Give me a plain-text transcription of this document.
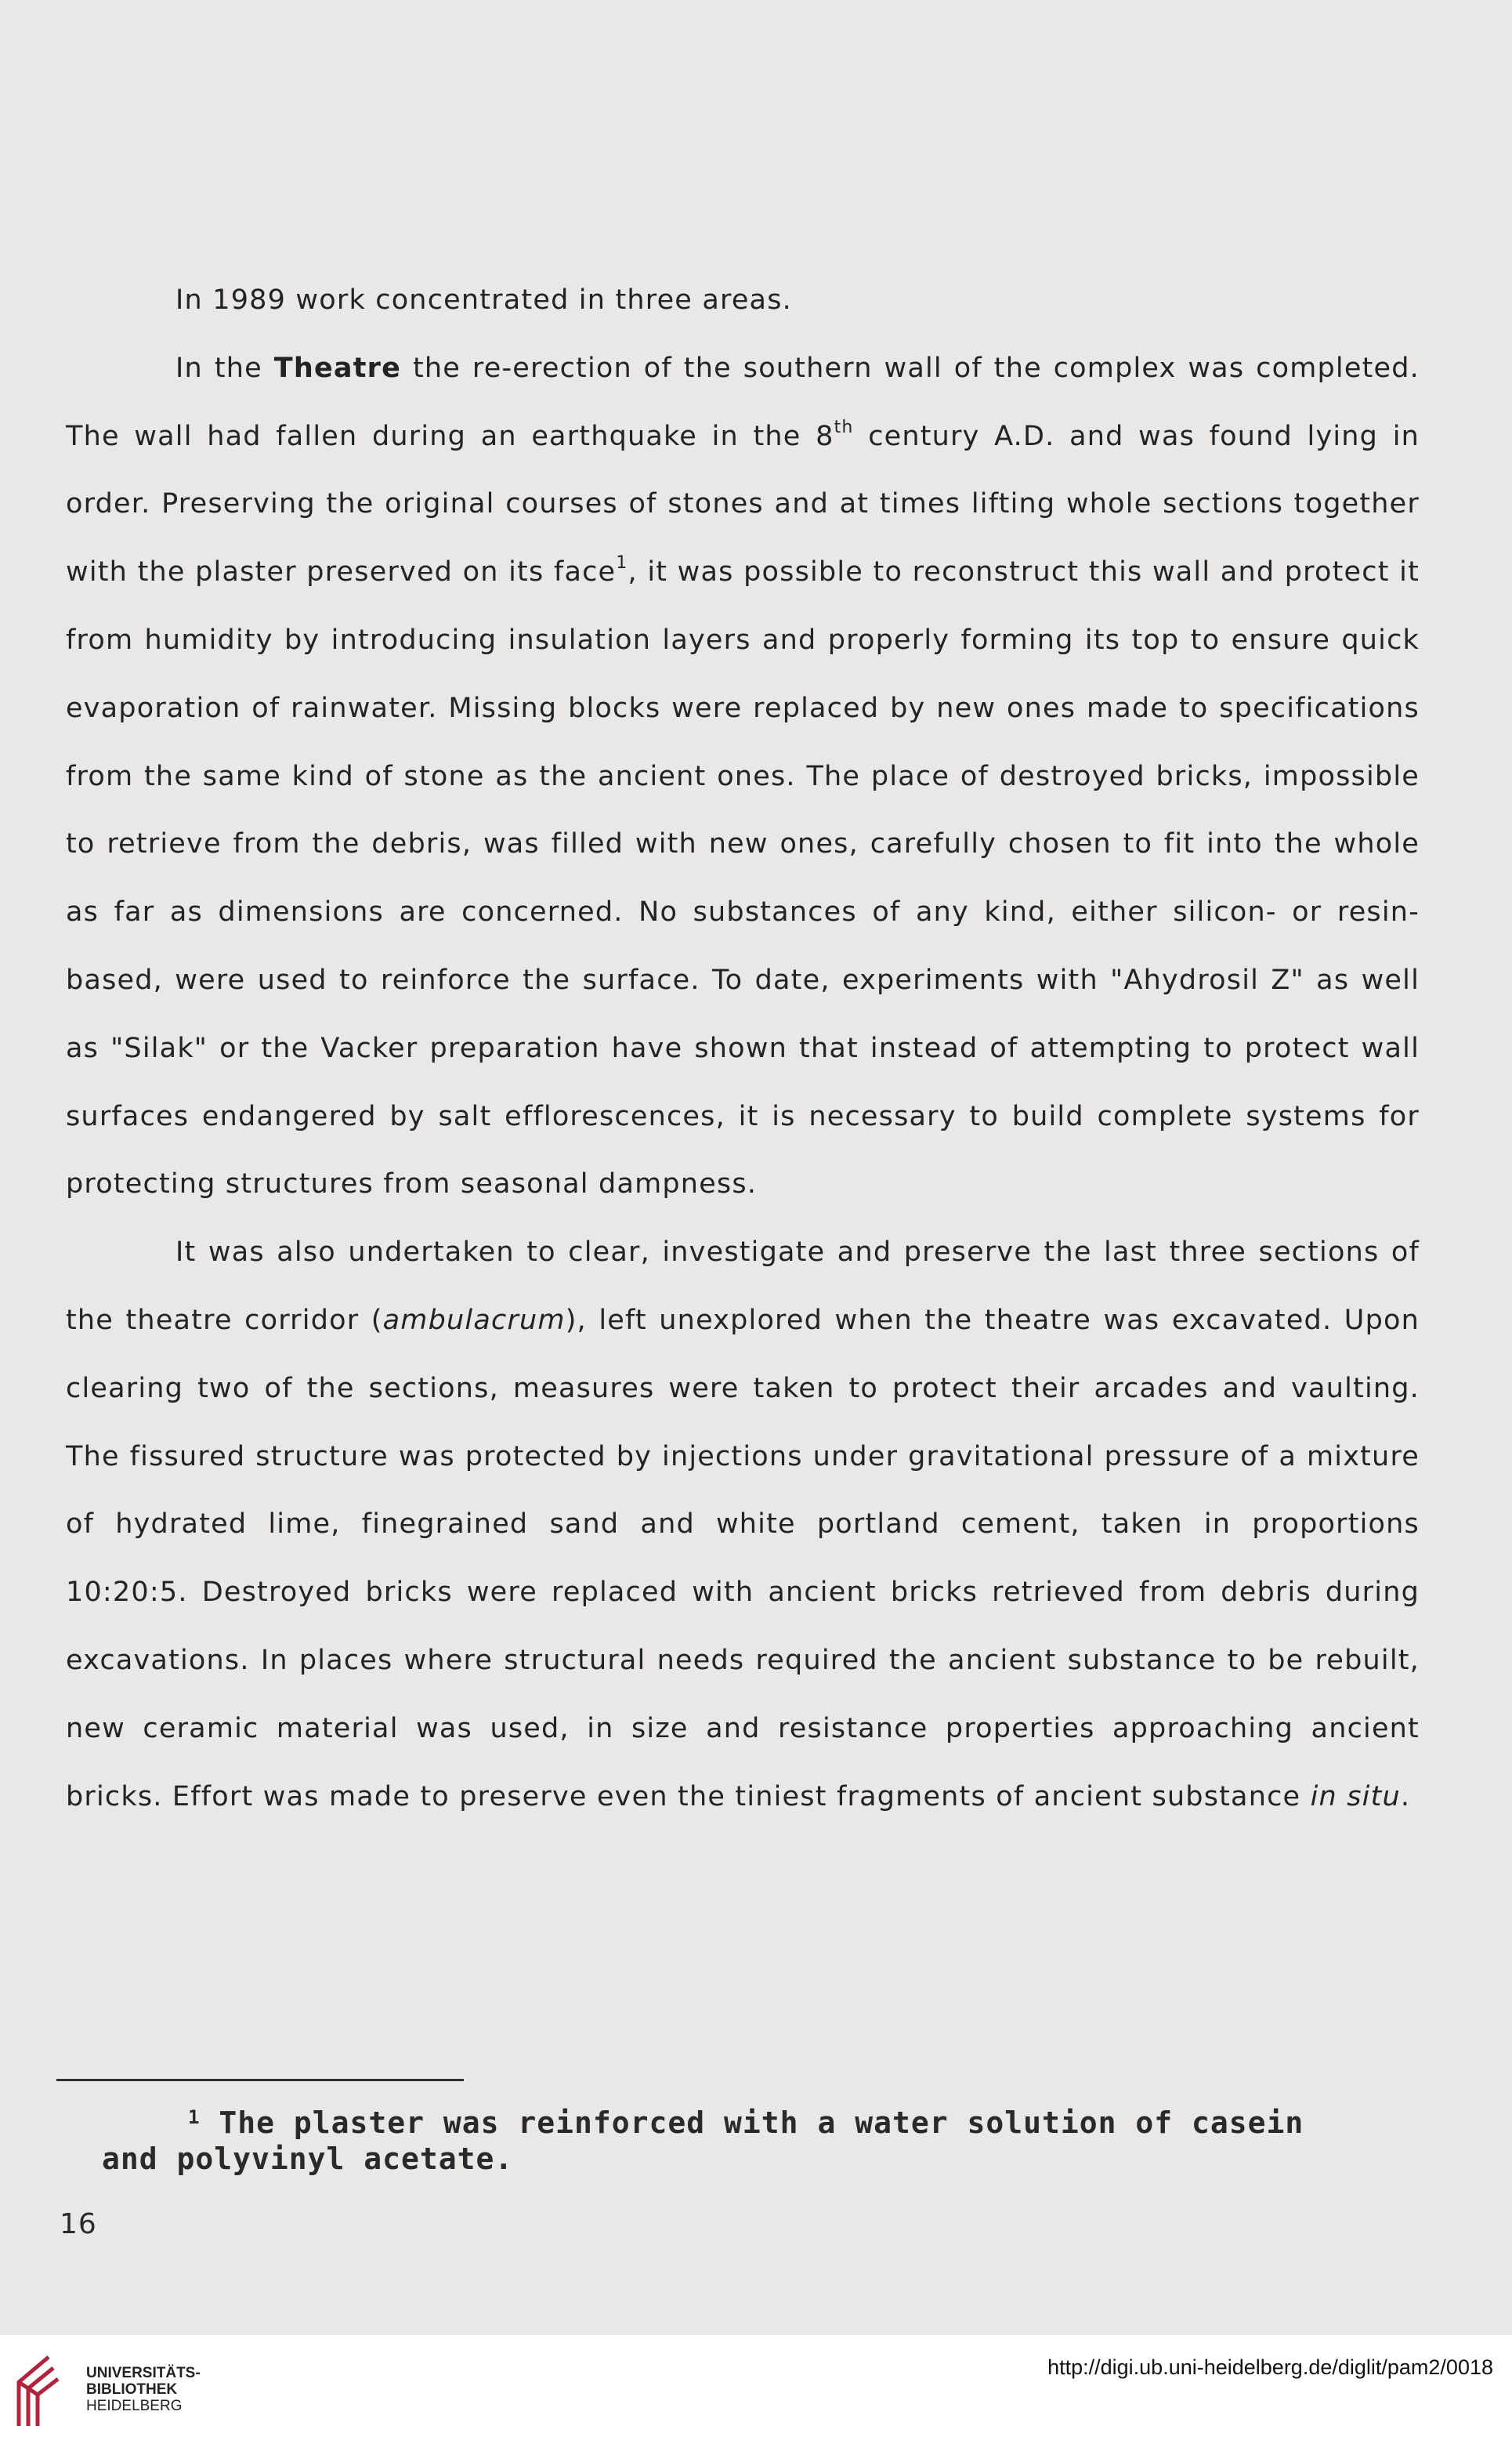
In 1989 work concentrated in three areas.

In the Theatre the re-erection of the southern wall of the complex was completed. The wall had fallen during an earthquake in the 8th century A.D. and was found lying in order. Preserving the original courses of stones and at times lifting whole sections together with the plaster preserved on its face$^1$, it was possible to reconstruct this wall and protect it from humidity by introducing insulation layers and properly forming its top to ensure quick evaporation of rainwater. Missing blocks were replaced by new ones made to specifications from the same kind of stone as the ancient ones. The place of destroyed bricks, impossible to retrieve from the debris, was filled with new ones, carefully chosen to fit into the whole as far as dimensions are concerned. No substances of any kind, either silicon- or resin-based, were used to reinforce the surface. To date, experiments with "Ahydrosil Z" as well as "Silak" or the Vacker preparation have shown that instead of attempting to protect wall surfaces endangered by salt efflorescences, it is necessary to build complete systems for protecting structures from seasonal dampness.

It was also undertaken to clear, investigate and preserve the last three sections of the theatre corridor (ambulacrum), left unexplored when the theatre was excavated. Upon clearing two of the sections, measures were taken to protect their arcades and vaulting. The fissured structure was protected by injections under gravitational pressure of a mixture of hydrated lime, finegrained sand and white portland cement, taken in proportions 10:20:5. Destroyed bricks were replaced with ancient bricks retrieved from debris during excavations. In places where structural needs required the ancient substance to be rebuilt, new ceramic material was used, in size and resistance properties approaching ancient bricks. Effort was made to preserve even the tiniest fragments of ancient substance in situ.

$^1$ The plaster was reinforced with a water solution of casein
and polyvinyl acetate.

16
UNIVERSITÄTS-
BIBLIOTHEK
HEIDELBERG
http://digi.ub.uni-heidelberg.de/diglit/pam2/0018
